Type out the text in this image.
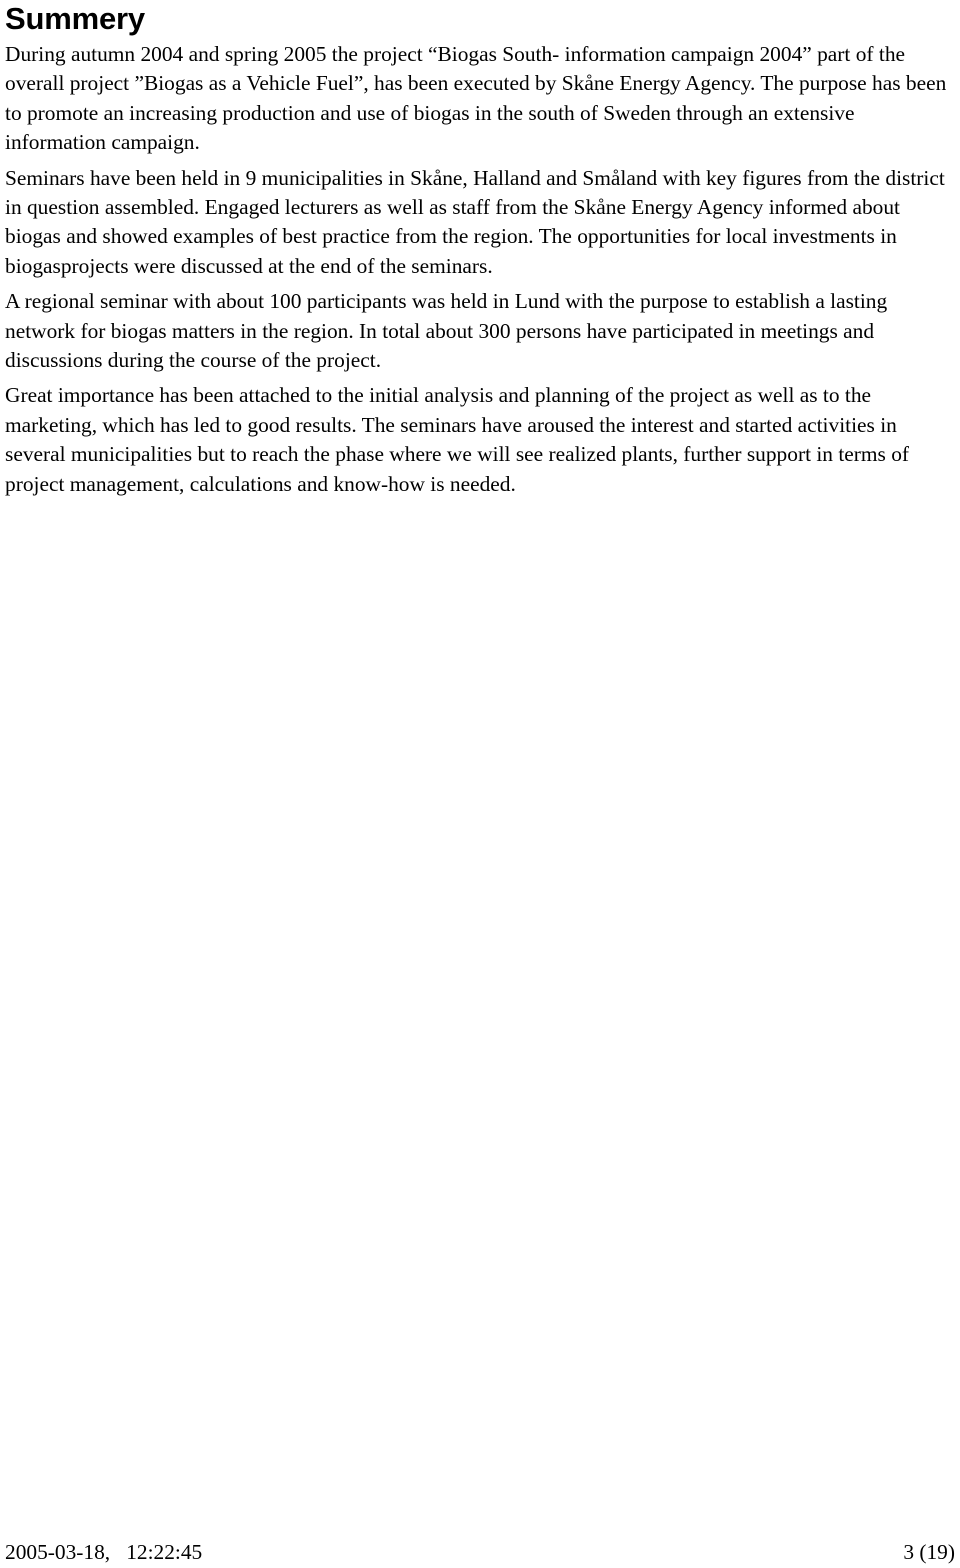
Summery

During autumn 2004 and spring 2005 the project “Biogas South- information campaign 2004” part of the overall project ”Biogas as a Vehicle Fuel”, has been executed by Skåne Energy Agency. The purpose has been to promote an increasing production and use of biogas in the south of Sweden through an extensive information campaign.

Seminars have been held in 9 municipalities in Skåne, Halland and Småland with key figures from the district in question assembled. Engaged lecturers as well as staff from the Skåne Energy Agency informed about biogas and showed examples of best practice from the region. The opportunities for local investments in biogasprojects were discussed at the end of the seminars.

A regional seminar with about 100 participants was held in Lund with the purpose to establish a lasting network for biogas matters in the region. In total about 300 persons have participated in meetings and discussions during the course of the project.

Great importance has been attached to the initial analysis and planning of the project as well as to the marketing, which has led to good results. The seminars have aroused the interest and started activities in several municipalities but to reach the phase where we will see realized plants, further support in terms of project management, calculations and know-how is needed.

2005-03-18,   12:22:45	3 (19)
